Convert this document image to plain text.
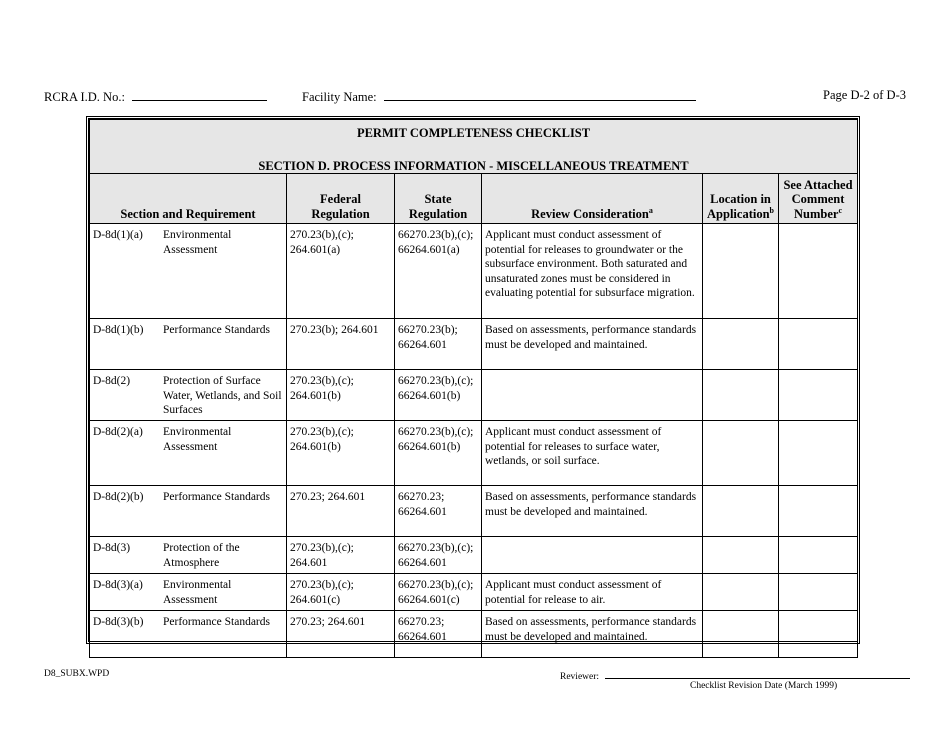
RCRA I.D. No.:	Facility Name:	Page D-2 of D-3
PERMIT COMPLETENESS CHECKLIST
SECTION D. PROCESS INFORMATION - MISCELLANEOUS TREATMENT					

Section and Requirement	Federal Regulation	State Regulation	Review Consideration$^a$	Location in Application$^b$	See Attached Comment Number$^c$

D-8d(1)(a) Environmental Assessment	270.23(b),(c); 264.601(a)	66270.23(b),(c); 66264.601(a)	Applicant must conduct assessment of potential for releases to groundwater or the subsurface environment. Both saturated and unsaturated zones must be considered in evaluating potential for subsurface migration.		

D-8d(1)(b) Performance Standards	270.23(b); 264.601	66270.23(b); 66264.601	Based on assessments, performance standards must be developed and maintained.		

D-8d(2) Protection of Surface Water, Wetlands, and Soil Surfaces	270.23(b),(c); 264.601(b)	66270.23(b),(c); 66264.601(b)			

D-8d(2)(a) Environmental Assessment	270.23(b),(c); 264.601(b)	66270.23(b),(c); 66264.601(b)	Applicant must conduct assessment of potential for releases to surface water, wetlands, or soil surface.		

D-8d(2)(b) Performance Standards	270.23; 264.601	66270.23; 66264.601	Based on assessments, performance standards must be developed and maintained.		

D-8d(3) Protection of the Atmosphere	270.23(b),(c); 264.601	66270.23(b),(c); 66264.601			

D-8d(3)(a) Environmental Assessment	270.23(b),(c); 264.601(c)	66270.23(b),(c); 66264.601(c)	Applicant must conduct assessment of potential for release to air.		

D-8d(3)(b) Performance Standards	270.23; 264.601	66270.23; 66264.601	Based on assessments, performance standards must be developed and maintained.		
D8_SUBX.WPD	Reviewer:
Checklist Revision Date (March 1999)
